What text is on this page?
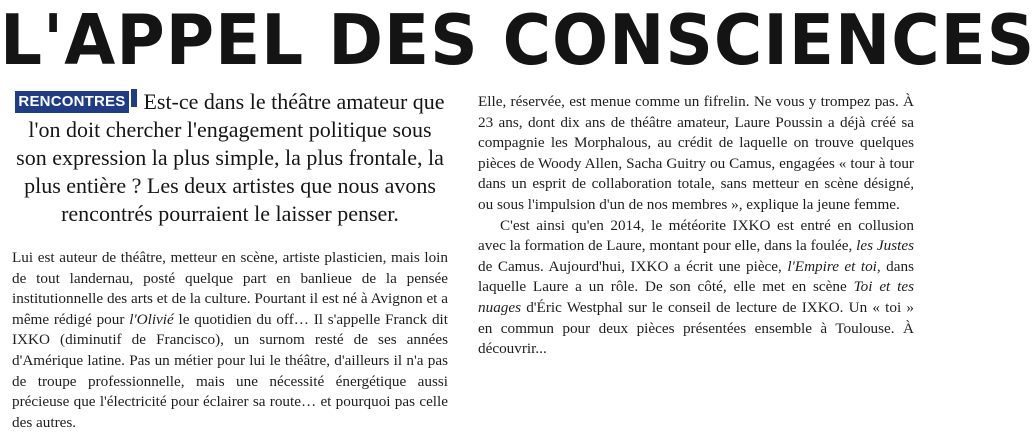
L'APPEL DES CONSCIENCES
RENCONTRES Est-ce dans le théâtre amateur que l'on doit chercher l'engagement politique sous son expression la plus simple, la plus frontale, la plus entière ? Les deux artistes que nous avons rencontrés pourraient le laisser penser.

Lui est auteur de théâtre, metteur en scène, artiste plasticien, mais loin de tout landernau, posté quelque part en banlieue de la pensée institutionnelle des arts et de la culture. Pourtant il est né à Avignon et a même rédigé pour l'Olivié le quotidien du off… Il s'appelle Franck dit IXKO (diminutif de Francisco), un surnom resté de ses années d'Amérique latine. Pas un métier pour lui le théâtre, d'ailleurs il n'a pas de troupe professionnelle, mais une nécessité énergétique aussi précieuse que l'électricité pour éclairer sa route… et pourquoi pas celle des autres.

Elle, réservée, est menue comme un fifrelin. Ne vous y trompez pas. À 23 ans, dont dix ans de théâtre amateur, Laure Poussin a déjà créé sa compagnie les Morphalous, au crédit de laquelle on trouve quelques pièces de Woody Allen, Sacha Guitry ou Camus, engagées « tour à tour dans un esprit de collaboration totale, sans metteur en scène désigné, ou sous l'impulsion d'un de nos membres », explique la jeune femme.

C'est ainsi qu'en 2014, le météorite IXKO est entré en collusion avec la formation de Laure, montant pour elle, dans la foulée, les Justes de Camus. Aujourd'hui, IXKO a écrit une pièce, l'Empire et toi, dans laquelle Laure a un rôle. De son côté, elle met en scène Toi et tes nuages d'Éric Westphal sur le conseil de lecture de IXKO. Un « toi » en commun pour deux pièces présentées ensemble à Toulouse. À découvrir...
